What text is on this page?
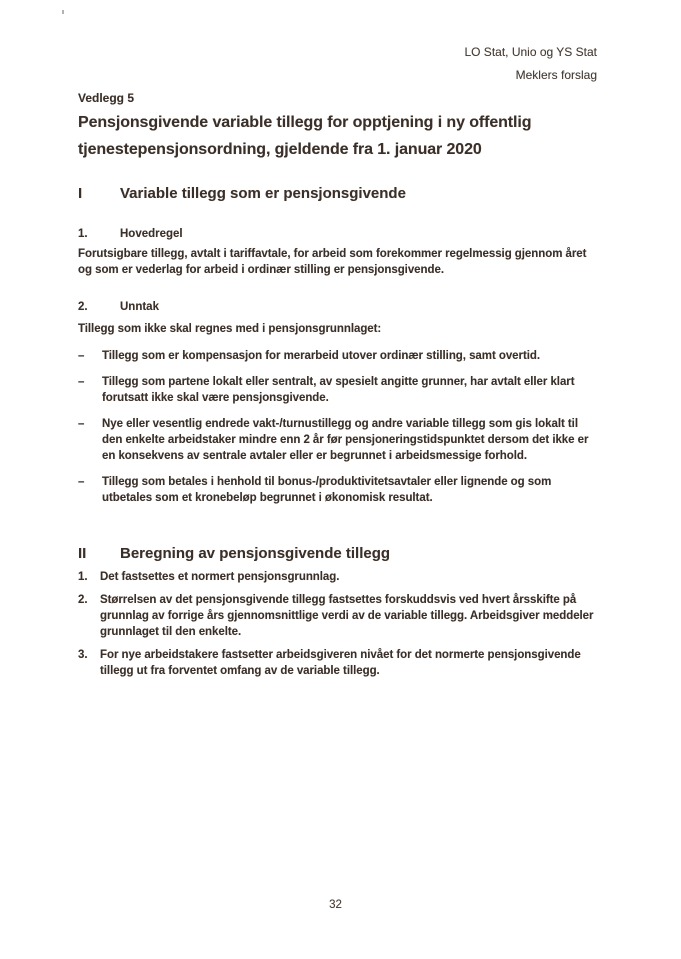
LO Stat, Unio og YS Stat
Meklers forslag
Vedlegg 5
Pensjonsgivende variable tillegg for opptjening i ny offentlig
tjenestepensjonsordning, gjeldende fra 1. januar 2020
I	Variable tillegg som er pensjonsgivende
1.	Hovedregel

Forutsigbare tillegg, avtalt i tariffavtale, for arbeid som forekommer regelmessig gjennom året og som er vederlag for arbeid i ordinær stilling er pensjonsgivende.

2.	Unntak

Tillegg som ikke skal regnes med i pensjonsgrunnlaget:

–	Tillegg som er kompensasjon for merarbeid utover ordinær stilling, samt overtid.
–	Tillegg som partene lokalt eller sentralt, av spesielt angitte grunner, har avtalt eller klart forutsatt ikke skal være pensjonsgivende.
–	Nye eller vesentlig endrede vakt-/turnustillegg og andre variable tillegg som gis lokalt til den enkelte arbeidstaker mindre enn 2 år før pensjoneringstidspunktet dersom det ikke er en konsekvens av sentrale avtaler eller er begrunnet i arbeidsmessige forhold.
–	Tillegg som betales i henhold til bonus-/produktivitetsavtaler eller lignende og som utbetales som et kronebeløp begrunnet i økonomisk resultat.
II	Beregning av pensjonsgivende tillegg
1.	Det fastsettes et normert pensjonsgrunnlag.
2.	Størrelsen av det pensjonsgivende tillegg fastsettes forskuddsvis ved hvert årsskifte på grunnlag av forrige års gjennomsnittlige verdi av de variable tillegg. Arbeidsgiver meddeler grunnlaget til den enkelte.
3.	For nye arbeidstakere fastsetter arbeidsgiveren nivået for det normerte pensjonsgivende tillegg ut fra forventet omfang av de variable tillegg.
32
